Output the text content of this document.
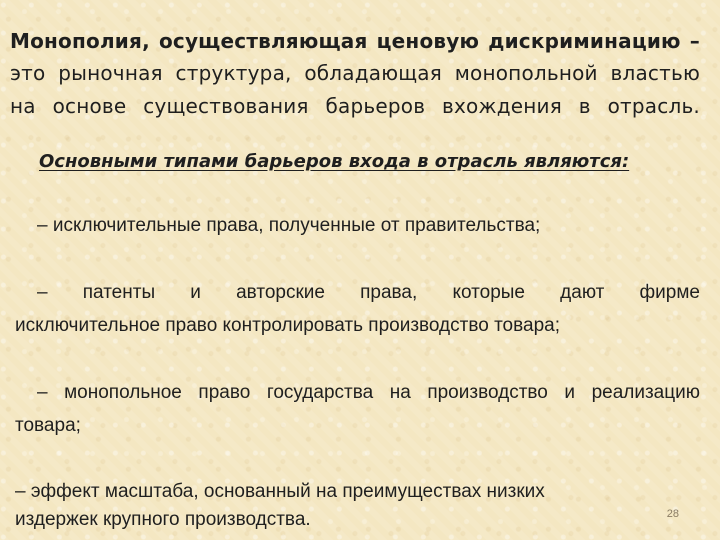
Монополия, осуществляющая ценовую дискриминацию –

это рыночная структура, обладающая монопольной властью

на основе существования барьеров вхождения в отрасль.

Основными типами барьеров входа в отрасль являются:

– исключительные права, полученные от правительства;

– патенты и авторские права, которые дают фирме

исключительное право контролировать производство товара;

– монопольное право государства на производство и реализацию

товара;

– эффект масштаба, основанный на преимуществах низких

издержек крупного производства.	28
